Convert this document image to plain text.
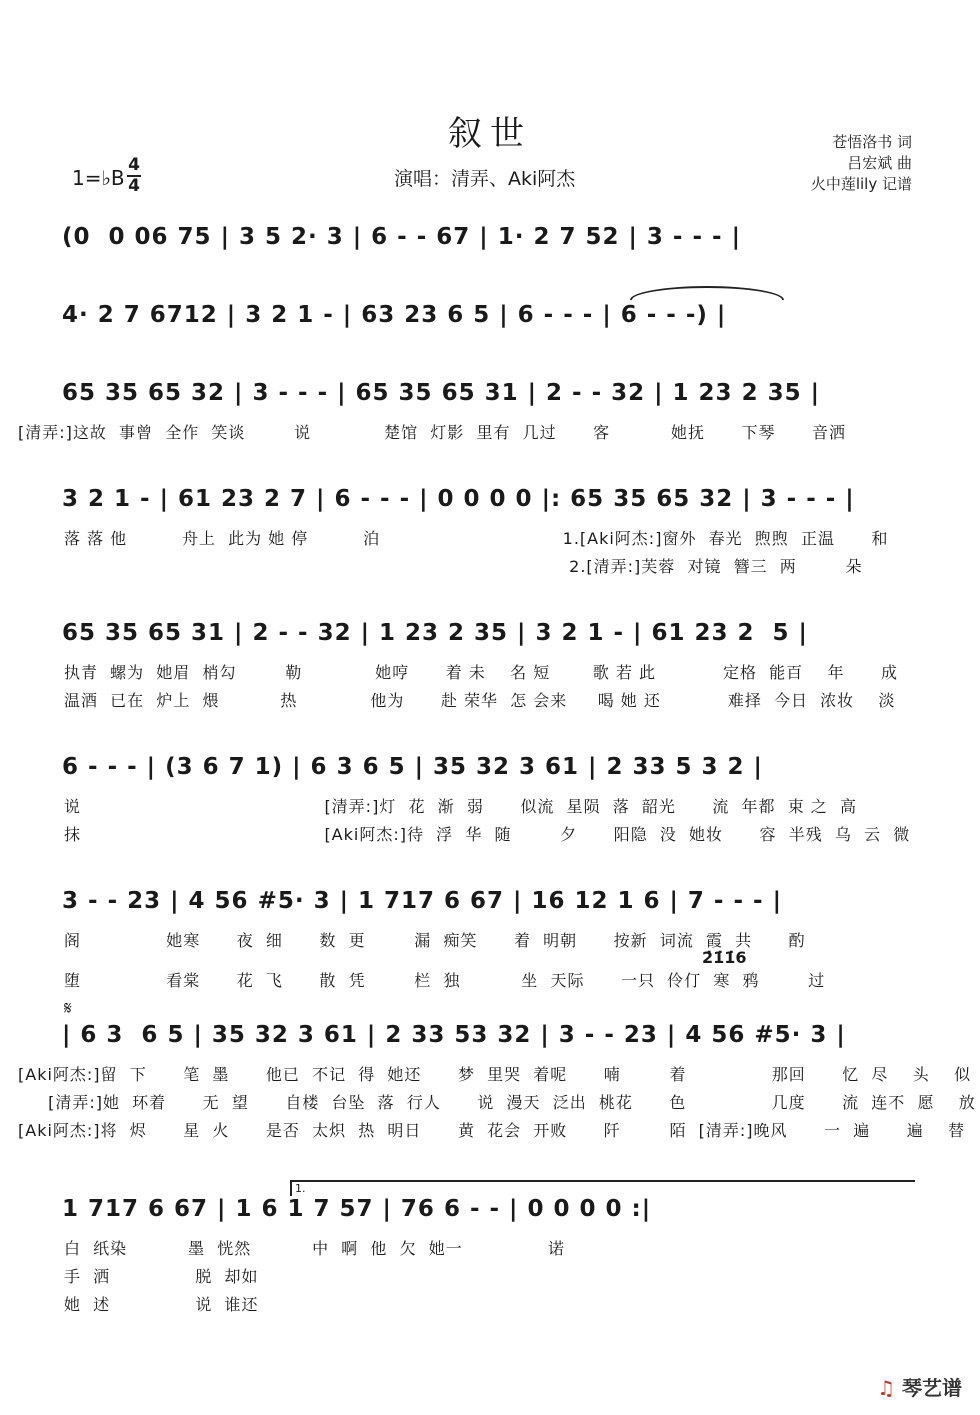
叙世
演唱：清弄、Aki阿杰
1=♭B
4
4
苍悟洛书 词
吕宏斌 曲
火中莲lily 记谱
(0  0 06 75 | 3 5 2· 3 | 6 - - 67 | 1· 2 7 52 | 3 - - - |
4· 2 7 6712 | 3 2 1 - | 63 23 6 5 | 6 - - - | 6 - - -) |
65 35 65 32 | 3 - - - | 65 35 65 31 | 2 - - 32 | 1 23 2 35 |
[清弄:]这故  事曾  全作  笑谈        说            楚馆  灯影  里有  几过      客          她抚      下琴      音洒
3 2 1 - | 61 23 2 7 | 6 - - - | 0 0 0 0 |: 65 35 65 32 | 3 - - - |
落 落 他         舟上  此为 她 停         泊                              1.[Aki阿杰:]窗外  春光  煦煦  正温      和
2.[清弄:]芙蓉  对镜  簪三  两        朵
65 35 65 31 | 2 - - 32 | 1 23 2 35 | 3 2 1 - | 61 23 2  5 |
执青  螺为  她眉  梢勾        勒            她哼      着 未    名 短       歌 若 此           定格  能百    年      成
温酒  已在  炉上  煨          热            他为      赴 荣华  怎 会来     喝 她 还           难择  今日  浓妆    淡
6 - - - | (3 6 7 1) | 6 3 6 5 | 35 32 3 61 | 2 33 5 3 2 |
说                                        [清弄:]灯  花  渐  弱      似流  星陨  落  韶光      流  年都  束 之  高
抹                                        [Aki阿杰:]待  浮  华  随        夕      阳隐  没  她妆      容  半残  乌  云  微
3 - - 23 | 4 56 #5· 3 | 1 717 6 67 | 16 12 1 6 | 7 - - - |
阁              她寒      夜  细      数  更        漏  痴笑      着  明朝      按新  词流  霞  共      酌
堕              看棠      花  飞      散  凭        栏  独          坐  天际      一只  伶仃  寒  鸦        过
2̇1̇1̇6
𝄋
| 6 3  6 5 | 35 32 3 61 | 2 33 53 32 | 3 - - 23 | 4 56 #5· 3 |
[Aki阿杰:]留  下      笔  墨      他已  不记  得  她还      梦  里哭  着呢      喃        着              那回      忆  尽    头    似
[清弄:]她  环着      无  望      自楼  台坠  落  行人      说  漫天  泛出  桃花      色              几度      流  连不  愿    放
[Aki阿杰:]将  烬      星  火      是否  太炽  热  明日      黄  花会  开败      阡        陌  [清弄:]晚风      一  遍      遍    替
1.
1 717 6 67 | 1 6 1 7 57 | 76 6 - - | 0 0 0 0 :|
白  纸染          墨  恍然          中  啊  他  欠  她一              诺
手  洒              脱  却如
她  述              说  谁还
♫ 琴艺谱
